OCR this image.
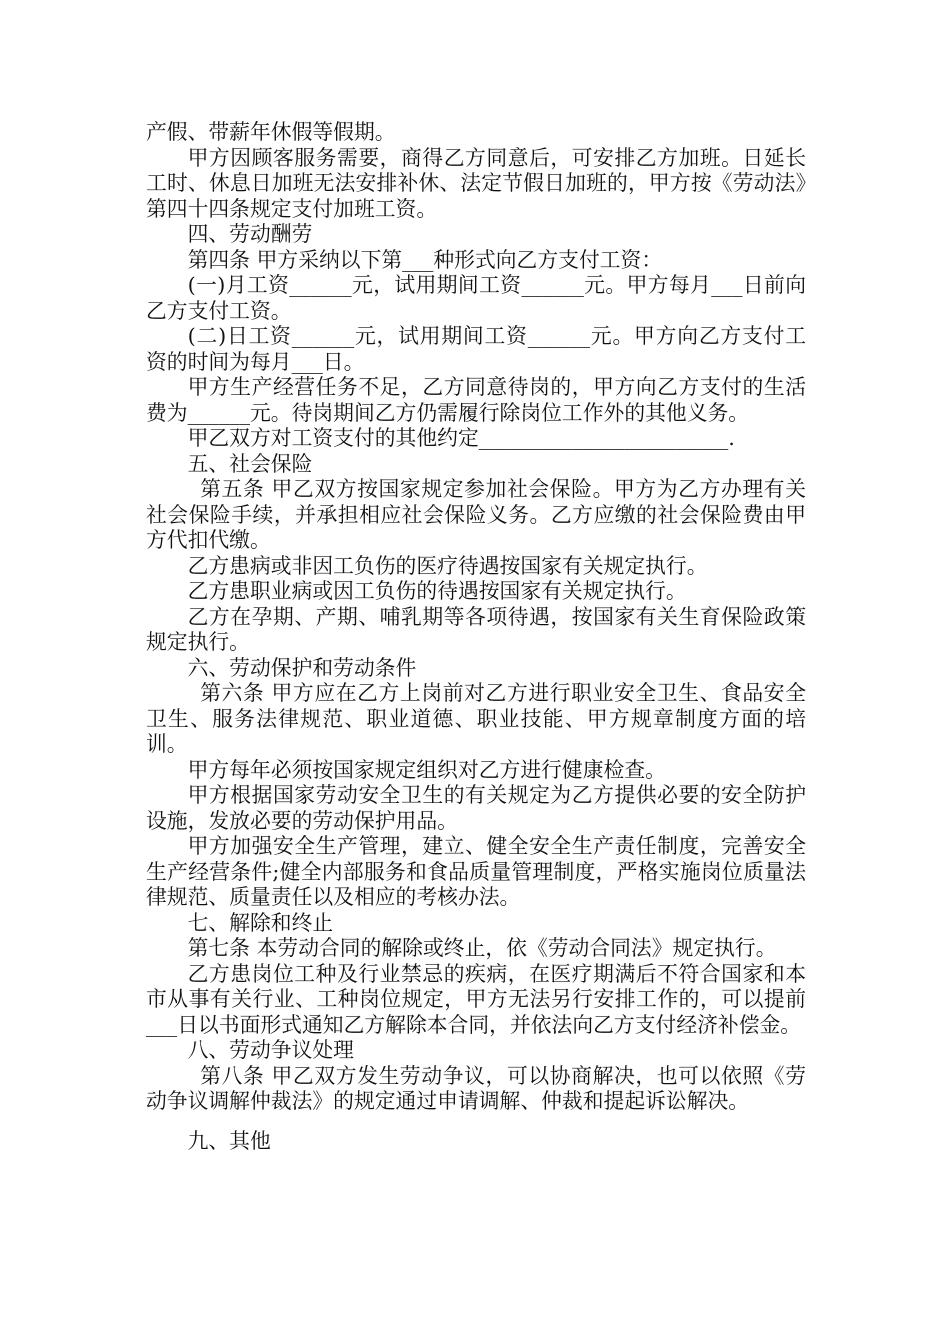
产假、带薪年休假等假期。

甲方因顾客服务需要，商得乙方同意后，可安排乙方加班。日延长工时、休息日加班无法安排补休、法定节假日加班的，甲方按《劳动法》第四十四条规定支付加班工资。

四、劳动酬劳

第四条 甲方采纳以下第___种形式向乙方支付工资：

(一)月工资______元，试用期间工资______元。甲方每月___日前向乙方支付工资。

(二)日工资______元，试用期间工资______元。甲方向乙方支付工资的时间为每月___日。

甲方生产经营任务不足，乙方同意待岗的，甲方向乙方支付的生活费为______元。待岗期间乙方仍需履行除岗位工作外的其他义务。

甲乙双方对工资支付的其他约定________________________.

五、社会保险

第五条 甲乙双方按国家规定参加社会保险。甲方为乙方办理有关社会保险手续，并承担相应社会保险义务。乙方应缴的社会保险费由甲方代扣代缴。

乙方患病或非因工负伤的医疗待遇按国家有关规定执行。

乙方患职业病或因工负伤的待遇按国家有关规定执行。

乙方在孕期、产期、哺乳期等各项待遇，按国家有关生育保险政策规定执行。

六、劳动保护和劳动条件

第六条 甲方应在乙方上岗前对乙方进行职业安全卫生、食品安全卫生、服务法律规范、职业道德、职业技能、甲方规章制度方面的培训。

甲方每年必须按国家规定组织对乙方进行健康检查。

甲方根据国家劳动安全卫生的有关规定为乙方提供必要的安全防护设施，发放必要的劳动保护用品。

甲方加强安全生产管理，建立、健全安全生产责任制度，完善安全生产经营条件;健全内部服务和食品质量管理制度，严格实施岗位质量法律规范、质量责任以及相应的考核办法。

七、解除和终止

第七条 本劳动合同的解除或终止，依《劳动合同法》规定执行。

乙方患岗位工种及行业禁忌的疾病，在医疗期满后不符合国家和本市从事有关行业、工种岗位规定，甲方无法另行安排工作的，可以提前___日以书面形式通知乙方解除本合同，并依法向乙方支付经济补偿金。

八、劳动争议处理

第八条 甲乙双方发生劳动争议，可以协商解决，也可以依照《劳动争议调解仲裁法》的规定通过申请调解、仲裁和提起诉讼解决。

九、其他
